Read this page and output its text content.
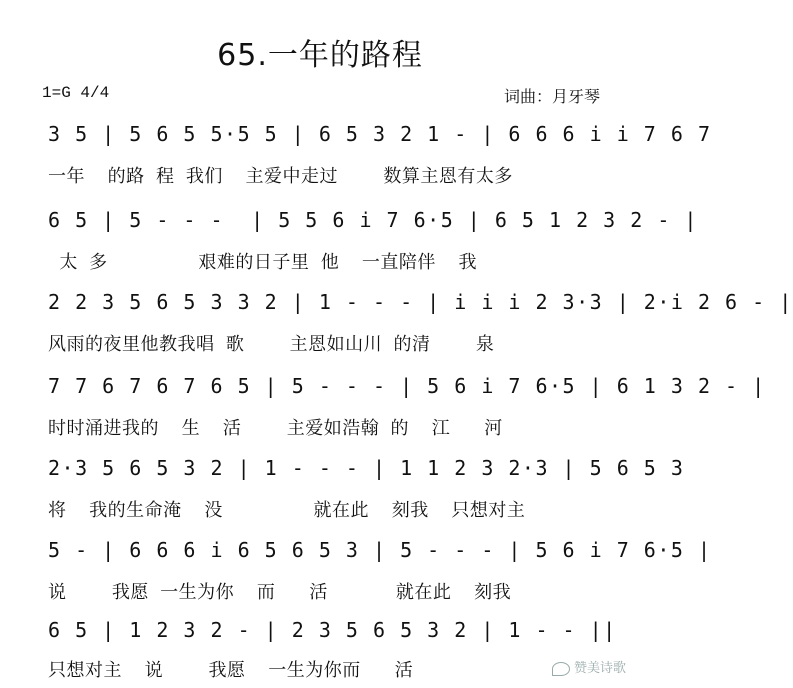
65.一年的路程
1=G 4/4	词曲：月牙琴
3 5 | 5 6 5 5·5 5 | 6 5 3 2 1 - | 6 6 6 i i 7 6 7
一年  的路 程 我们  主爱中走过    数算主恩有太多
6 5 | 5 - - -  | 5 5 6 i 7 6·5 | 6 5 1 2 3 2 - |
太 多        艰难的日子里 他  一直陪伴  我
2 2 3 5 6 5 3 3 2 | 1 - - - | i i i 2 3·3 | 2·i 2 6 - |
风雨的夜里他教我唱 歌    主恩如山川 的清    泉
7 7 6 7 6 7 6 5 | 5 - - - | 5 6 i 7 6·5 | 6 1 3 2 - |
时时涌进我的  生  活    主爱如浩翰 的  江   河
2·3 5 6 5 3 2 | 1 - - - | 1 1 2 3 2·3 | 5 6 5 3
将  我的生命淹  没        就在此  刻我  只想对主
5 - | 6 6 6 i 6 5 6 5 3 | 5 - - - | 5 6 i 7 6·5 |
说    我愿 一生为你  而   活      就在此  刻我
6 5 | 1 2 3 2 - | 2 3 5 6 5 3 2 | 1 - - ||
只想对主  说    我愿  一生为你而   活	赞美诗歌
